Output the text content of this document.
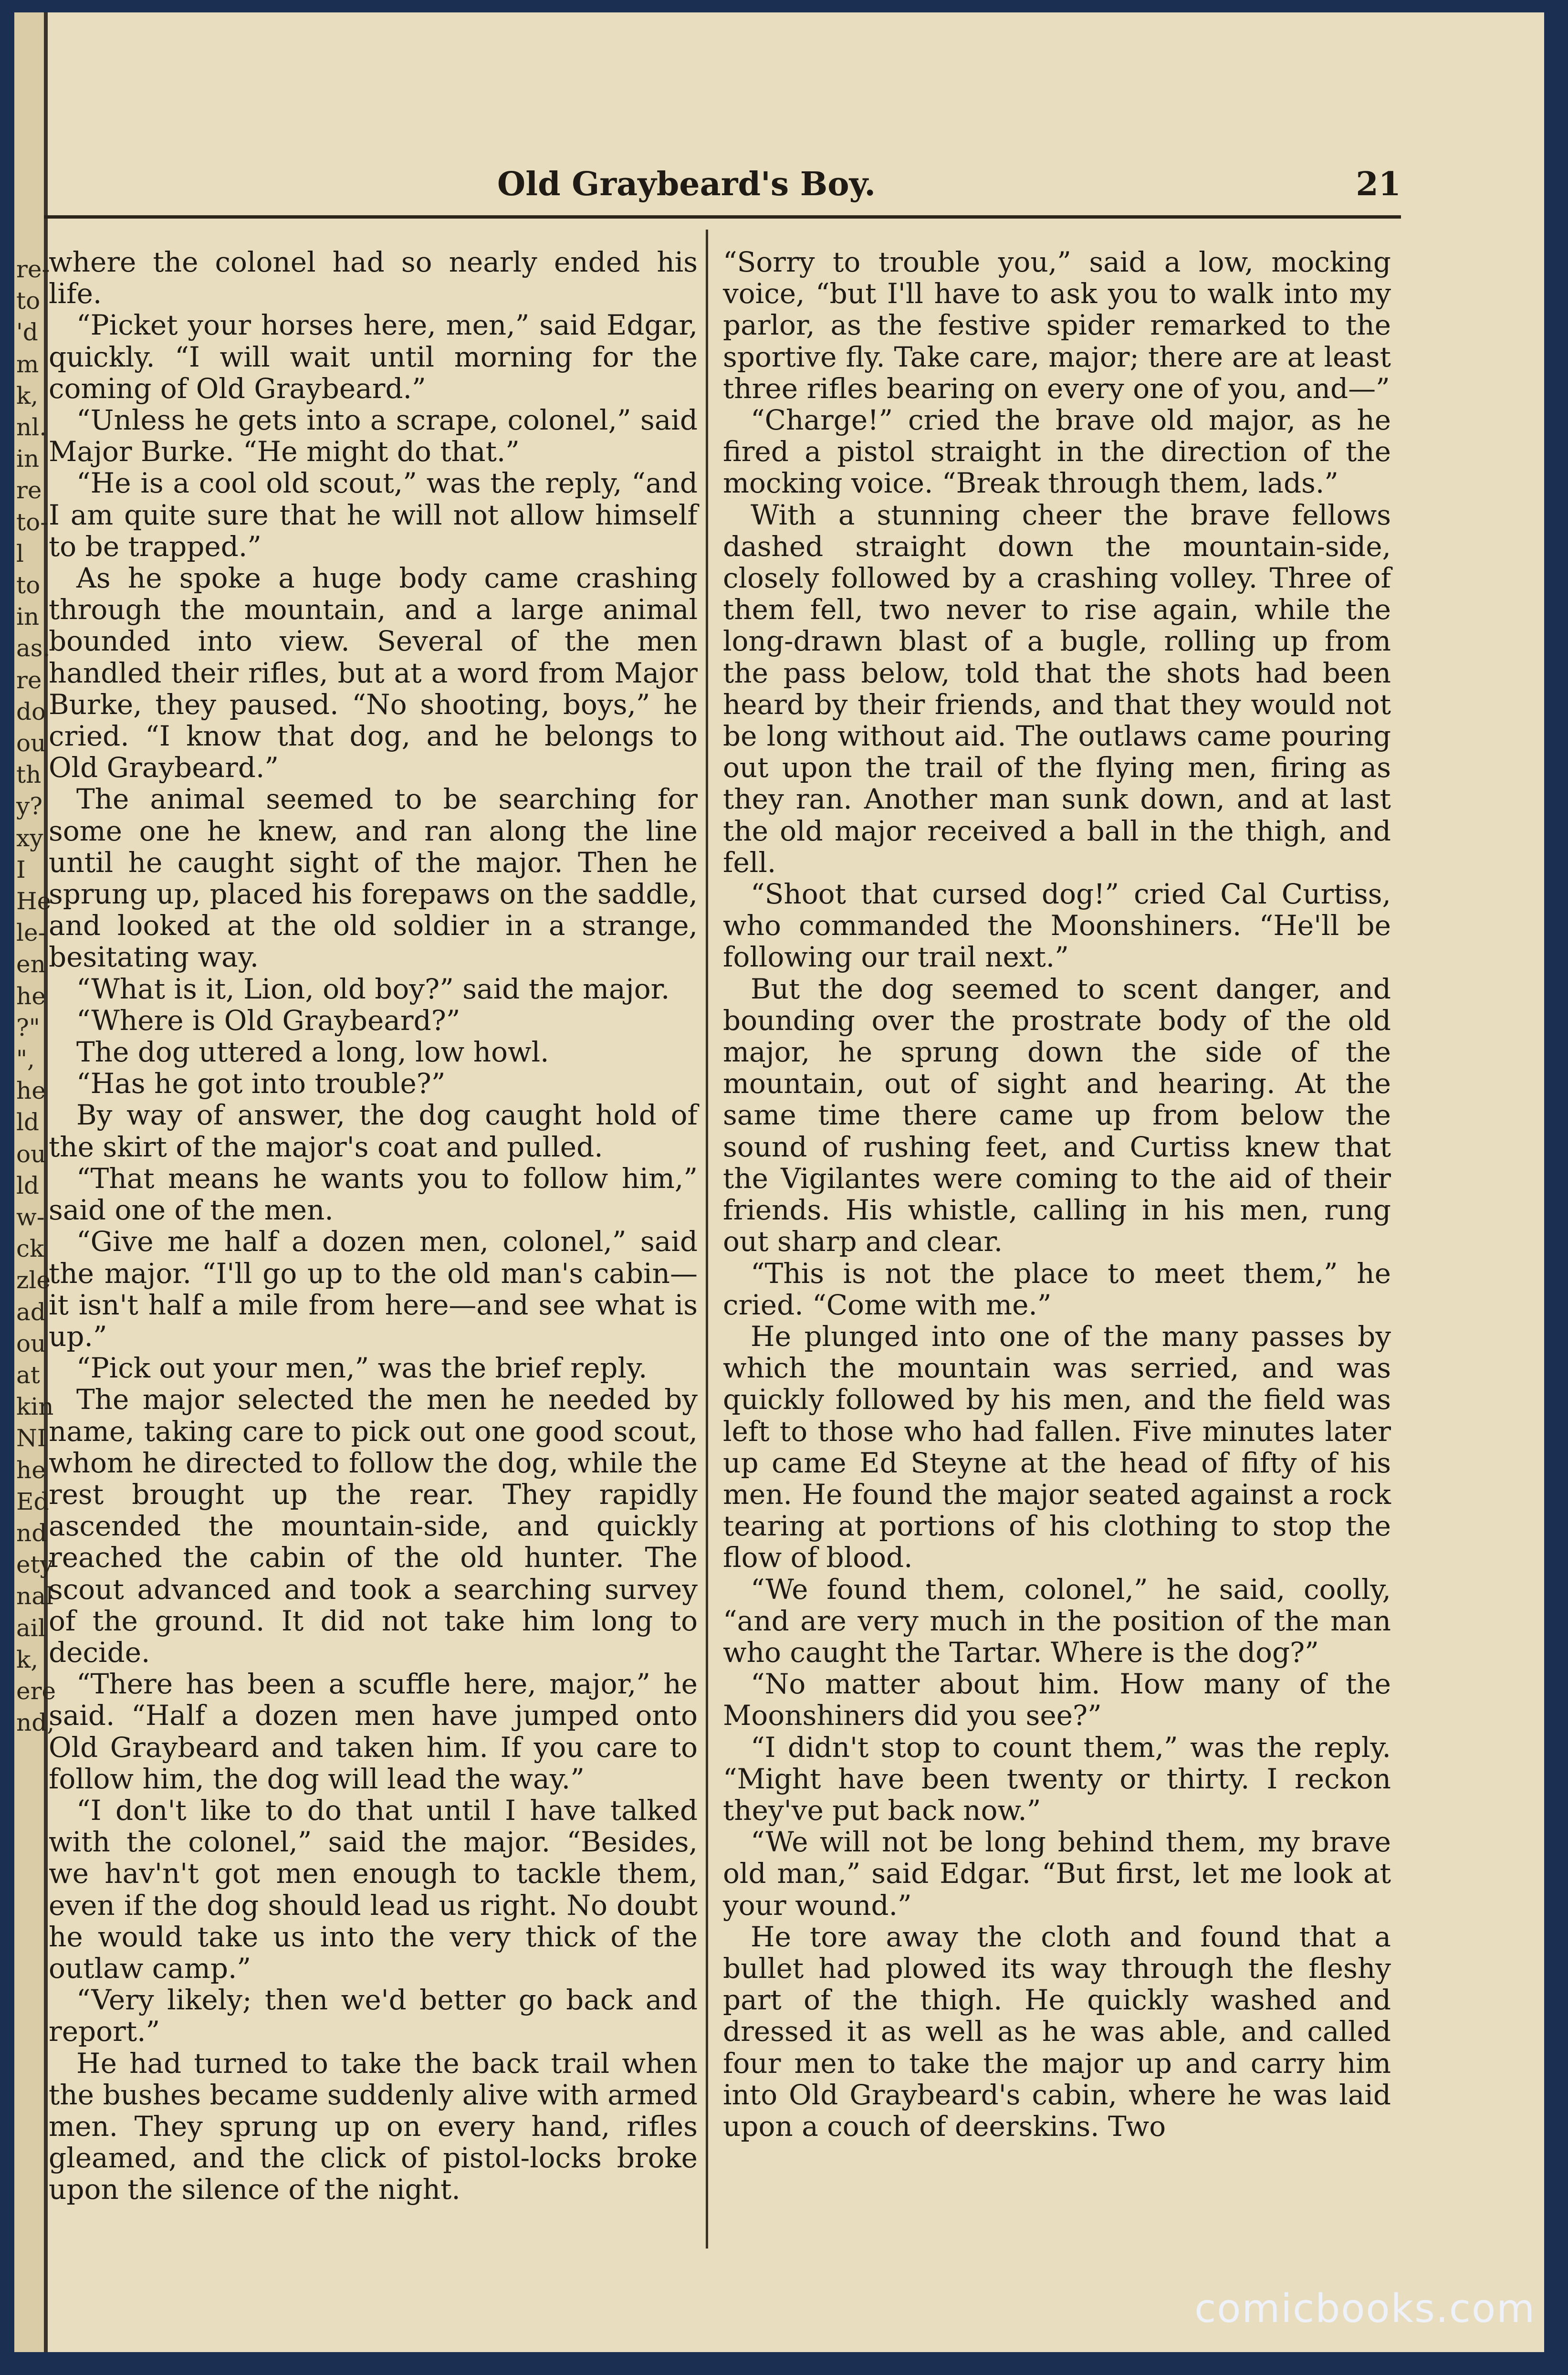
re-
to
'd
m
k,
nl.
in
re
to-
l
to
in
as.
re
do
ou
th
y?
xy
I
He
le-
en
he
?"
",
he
ld
ou
ld
w-
ck
zle
ad
ou
at
kin
NI
he
Ed
nd
ety
nal
ail
k,
ere
nd,
Old Graybeard's Boy.	21

where the colonel had so nearly ended his life.

“Picket your horses here, men,” said Edgar, quickly. “I will wait until morning for the coming of Old Graybeard.”

“Unless he gets into a scrape, colonel,” said Major Burke. “He might do that.”

“He is a cool old scout,” was the reply, “and I am quite sure that he will not allow himself to be trapped.”

As he spoke a huge body came crashing through the mountain, and a large animal bounded into view. Several of the men handled their rifles, but at a word from Major Burke, they paused. “No shooting, boys,” he cried. “I know that dog, and he belongs to Old Graybeard.”

The animal seemed to be searching for some one he knew, and ran along the line until he caught sight of the major. Then he sprung up, placed his forepaws on the saddle, and looked at the old soldier in a strange, besitating way.

“What is it, Lion, old boy?” said the major.

“Where is Old Graybeard?”

The dog uttered a long, low howl.

“Has he got into trouble?”

By way of answer, the dog caught hold of the skirt of the major's coat and pulled.

“That means he wants you to follow him,” said one of the men.

“Give me half a dozen men, colonel,” said the major. “I'll go up to the old man's cabin—it isn't half a mile from here—and see what is up.”

“Pick out your men,” was the brief reply.

The major selected the men he needed by name, taking care to pick out one good scout, whom he directed to follow the dog, while the rest brought up the rear. They rapidly ascended the mountain-side, and quickly reached the cabin of the old hunter. The scout advanced and took a searching survey of the ground. It did not take him long to decide.

“There has been a scuffle here, major,” he said. “Half a dozen men have jumped onto Old Graybeard and taken him. If you care to follow him, the dog will lead the way.”

“I don't like to do that until I have talked with the colonel,” said the major. “Besides, we hav'n't got men enough to tackle them, even if the dog should lead us right. No doubt he would take us into the very thick of the outlaw camp.”

“Very likely; then we'd better go back and report.”

He had turned to take the back trail when the bushes became suddenly alive with armed men. They sprung up on every hand, rifles gleamed, and the click of pistol-locks broke upon the silence of the night.

“Sorry to trouble you,” said a low, mocking voice, “but I'll have to ask you to walk into my parlor, as the festive spider remarked to the sportive fly. Take care, major; there are at least three rifles bearing on every one of you, and—”

“Charge!” cried the brave old major, as he fired a pistol straight in the direction of the mocking voice. “Break through them, lads.”

With a stunning cheer the brave fellows dashed straight down the mountain-side, closely followed by a crashing volley. Three of them fell, two never to rise again, while the long-drawn blast of a bugle, rolling up from the pass below, told that the shots had been heard by their friends, and that they would not be long without aid. The outlaws came pouring out upon the trail of the flying men, firing as they ran. Another man sunk down, and at last the old major received a ball in the thigh, and fell.

“Shoot that cursed dog!” cried Cal Curtiss, who commanded the Moonshiners. “He'll be following our trail next.”

But the dog seemed to scent danger, and bounding over the prostrate body of the old major, he sprung down the side of the mountain, out of sight and hearing. At the same time there came up from below the sound of rushing feet, and Curtiss knew that the Vigilantes were coming to the aid of their friends. His whistle, calling in his men, rung out sharp and clear.

“This is not the place to meet them,” he cried. “Come with me.”

He plunged into one of the many passes by which the mountain was serried, and was quickly followed by his men, and the field was left to those who had fallen. Five minutes later up came Ed Steyne at the head of fifty of his men. He found the major seated against a rock tearing at portions of his clothing to stop the flow of blood.

“We found them, colonel,” he said, coolly, “and are very much in the position of the man who caught the Tartar. Where is the dog?”

“No matter about him. How many of the Moonshiners did you see?”

“I didn't stop to count them,” was the reply. “Might have been twenty or thirty. I reckon they've put back now.”

“We will not be long behind them, my brave old man,” said Edgar. “But first, let me look at your wound.”

He tore away the cloth and found that a bullet had plowed its way through the fleshy part of the thigh. He quickly washed and dressed it as well as he was able, and called four men to take the major up and carry him into Old Graybeard's cabin, where he was laid upon a couch of deerskins. Two

comicbooks.com
